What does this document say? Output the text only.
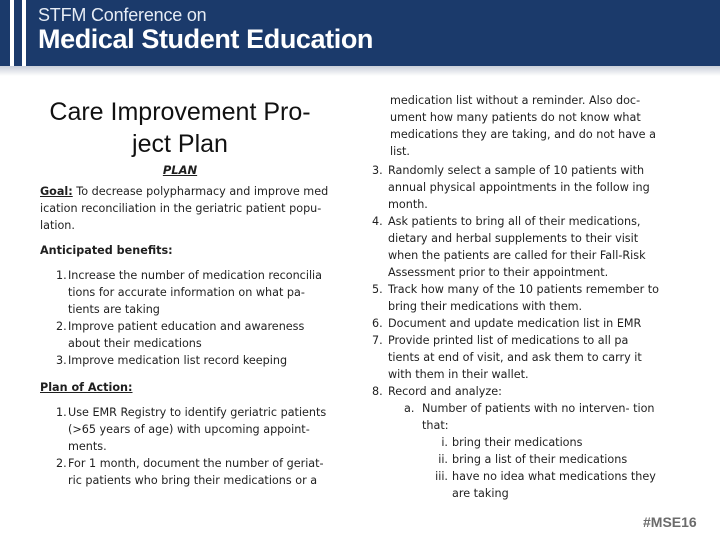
STFM Conference on
Medical Student Education
Care Improvement Pro-
ject Plan
PLAN
Goal: To decrease polypharmacy and improve med ication reconciliation in the geriatric patient popu- lation.
Anticipated benefits:
1. Increase the number of medication reconcilia tions for accurate information on what pa- tients are taking
2. Improve patient education and awareness about their medications
3. Improve medication list record keeping
Plan of Action:
1. Use EMR Registry to identify geriatric patients (>65 years of age) with upcoming appoint- ments.
2. For 1 month, document the number of geriat- ric patients who bring their medications or a
medication list without a reminder. Also doc- ument how many patients do not know what medications they are taking, and do not have a list.
3. Randomly select a sample of 10 patients with annual physical appointments in the follow ing month.
4. Ask patients to bring all of their medications, dietary and herbal supplements to their visit when the patients are called for their Fall-Risk Assessment prior to their appointment.
5. Track how many of the 10 patients remember to bring their medications with them.
6. Document and update medication list in EMR
7. Provide printed list of medications to all pa tients at end of visit, and ask them to carry it with them in their wallet.
8. Record and analyze:
a. Number of patients with no interven- tion that:
i. bring their medications
ii. bring a list of their medications
iii. have no idea what medications they are taking
#MSE16
